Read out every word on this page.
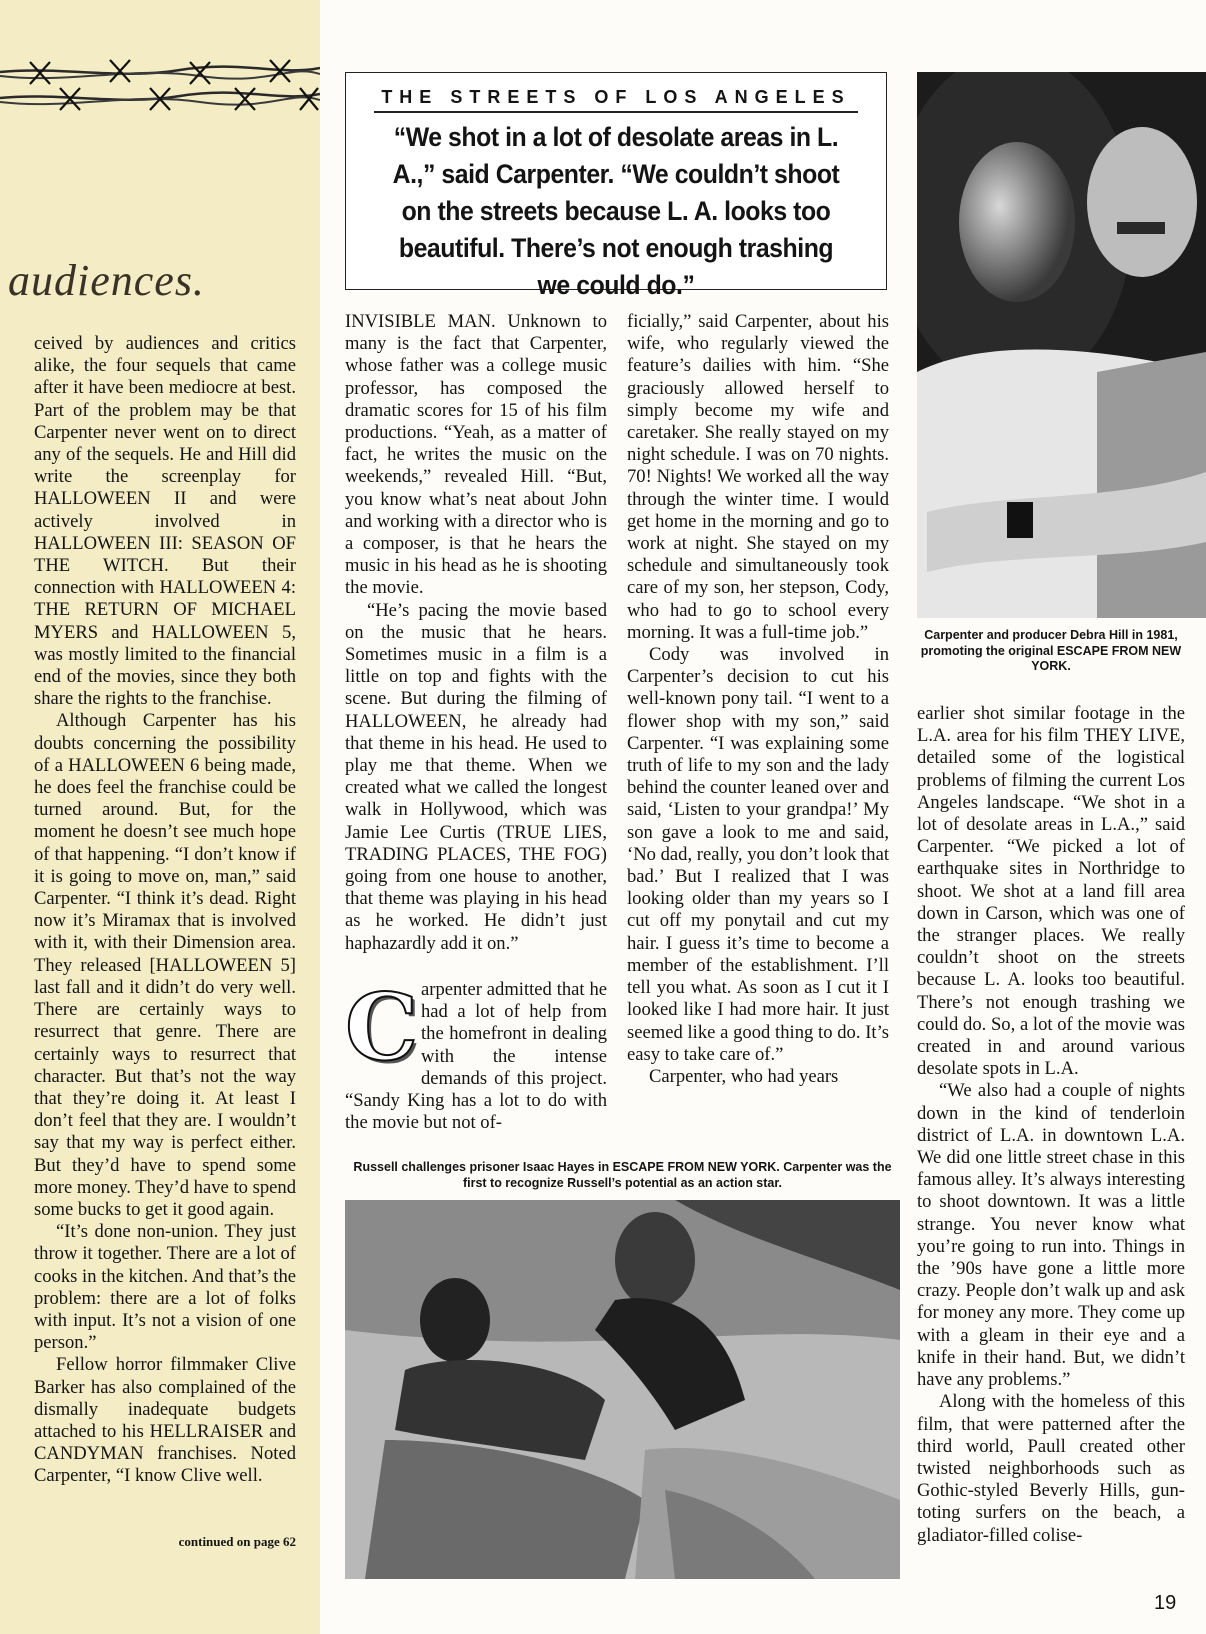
audiences.

ceived by audiences and critics alike, the four sequels that came after it have been mediocre at best. Part of the problem may be that Carpenter never went on to direct any of the sequels. He and Hill did write the screenplay for HALLOWEEN II and were actively involved in HALLOWEEN III: SEASON OF THE WITCH. But their connection with HALLOWEEN 4: THE RETURN OF MICHAEL MYERS and HALLOWEEN 5, was mostly limited to the financial end of the movies, since they both share the rights to the franchise.

Although Carpenter has his doubts concerning the possibility of a HALLOWEEN 6 being made, he does feel the franchise could be turned around. But, for the moment he doesn’t see much hope of that happening. “I don’t know if it is going to move on, man,” said Carpenter. “I think it’s dead. Right now it’s Miramax that is involved with it, with their Dimension area. They released [HALLOWEEN 5] last fall and it didn’t do very well. There are certainly ways to resurrect that genre. There are certainly ways to resurrect that character. But that’s not the way that they’re doing it. At least I don’t feel that they are. I wouldn’t say that my way is perfect either. But they’d have to spend some more money. They’d have to spend some bucks to get it good again.

“It’s done non-union. They just throw it together. There are a lot of cooks in the kitchen. And that’s the problem: there are a lot of folks with input. It’s not a vision of one person.”

Fellow horror filmmaker Clive Barker has also complained of the dismally inadequate budgets attached to his HELLRAISER and CANDYMAN franchises. Noted Carpenter, “I know Clive well.

continued on page 62
THE STREETS OF LOS ANGELES
“We shot in a lot of desolate areas in L. A.,” said Carpenter. “We couldn’t shoot on the streets because L. A. looks too beautiful. There’s not enough trashing we could do.”

INVISIBLE MAN. Unknown to many is the fact that Carpenter, whose father was a college music professor, has composed the dramatic scores for 15 of his film productions. “Yeah, as a matter of fact, he writes the music on the weekends,” revealed Hill. “But, you know what’s neat about John and working with a director who is a composer, is that he hears the music in his head as he is shooting the movie.

“He’s pacing the movie based on the music that he hears. Sometimes music in a film is a little on top and fights with the scene. But during the filming of HALLOWEEN, he already had that theme in his head. He used to play me that theme. When we created what we called the longest walk in Hollywood, which was Jamie Lee Curtis (TRUE LIES, TRADING PLACES, THE FOG) going from one house to another, that theme was playing in his head as he worked. He didn’t just haphazardly add it on.”

C arpenter admitted that he had a lot of help from the homefront in dealing with the intense demands of this project. “Sandy King has a lot to do with the movie but not of-

ficially,” said Carpenter, about his wife, who regularly viewed the feature’s dailies with him. “She graciously allowed herself to simply become my wife and caretaker. She really stayed on my night schedule. I was on 70 nights. 70! Nights! We worked all the way through the winter time. I would get home in the morning and go to work at night. She stayed on my schedule and simultaneously took care of my son, her stepson, Cody, who had to go to school every morning. It was a full-time job.”

Cody was involved in Carpenter’s decision to cut his well-known pony tail. “I went to a flower shop with my son,” said Carpenter. “I was explaining some truth of life to my son and the lady behind the counter leaned over and said, ‘Listen to your grandpa!’ My son gave a look to me and said, ‘No dad, really, you don’t look that bad.’ But I realized that I was looking older than my years so I cut off my ponytail and cut my hair. I guess it’s time to become a member of the establishment. I’ll tell you what. As soon as I cut it I looked like I had more hair. It just seemed like a good thing to do. It’s easy to take care of.”

Carpenter, who had years

Carpenter and producer Debra Hill in 1981, promoting the original ESCAPE FROM NEW YORK.

earlier shot similar footage in the L.A. area for his film THEY LIVE, detailed some of the logistical problems of filming the current Los Angeles landscape. “We shot in a lot of desolate areas in L.A.,” said Carpenter. “We picked a lot of earthquake sites in Northridge to shoot. We shot at a land fill area down in Carson, which was one of the stranger places. We really couldn’t shoot on the streets because L. A. looks too beautiful. There’s not enough trashing we could do. So, a lot of the movie was created in and around various desolate spots in L.A.

“We also had a couple of nights down in the kind of tenderloin district of L.A. in downtown L.A. We did one little street chase in this famous alley. It’s always interesting to shoot downtown. It was a little strange. You never know what you’re going to run into. Things in the ’90s have gone a little more crazy. People don’t walk up and ask for money any more. They come up with a gleam in their eye and a knife in their hand. But, we didn’t have any problems.”

Along with the homeless of this film, that were patterned after the third world, Paull created other twisted neighborhoods such as Gothic-styled Beverly Hills, gun-toting surfers on the beach, a gladiator-filled colise-

Russell challenges prisoner Isaac Hayes in ESCAPE FROM NEW YORK. Carpenter was the first to recognize Russell’s potential as an action star.
19
